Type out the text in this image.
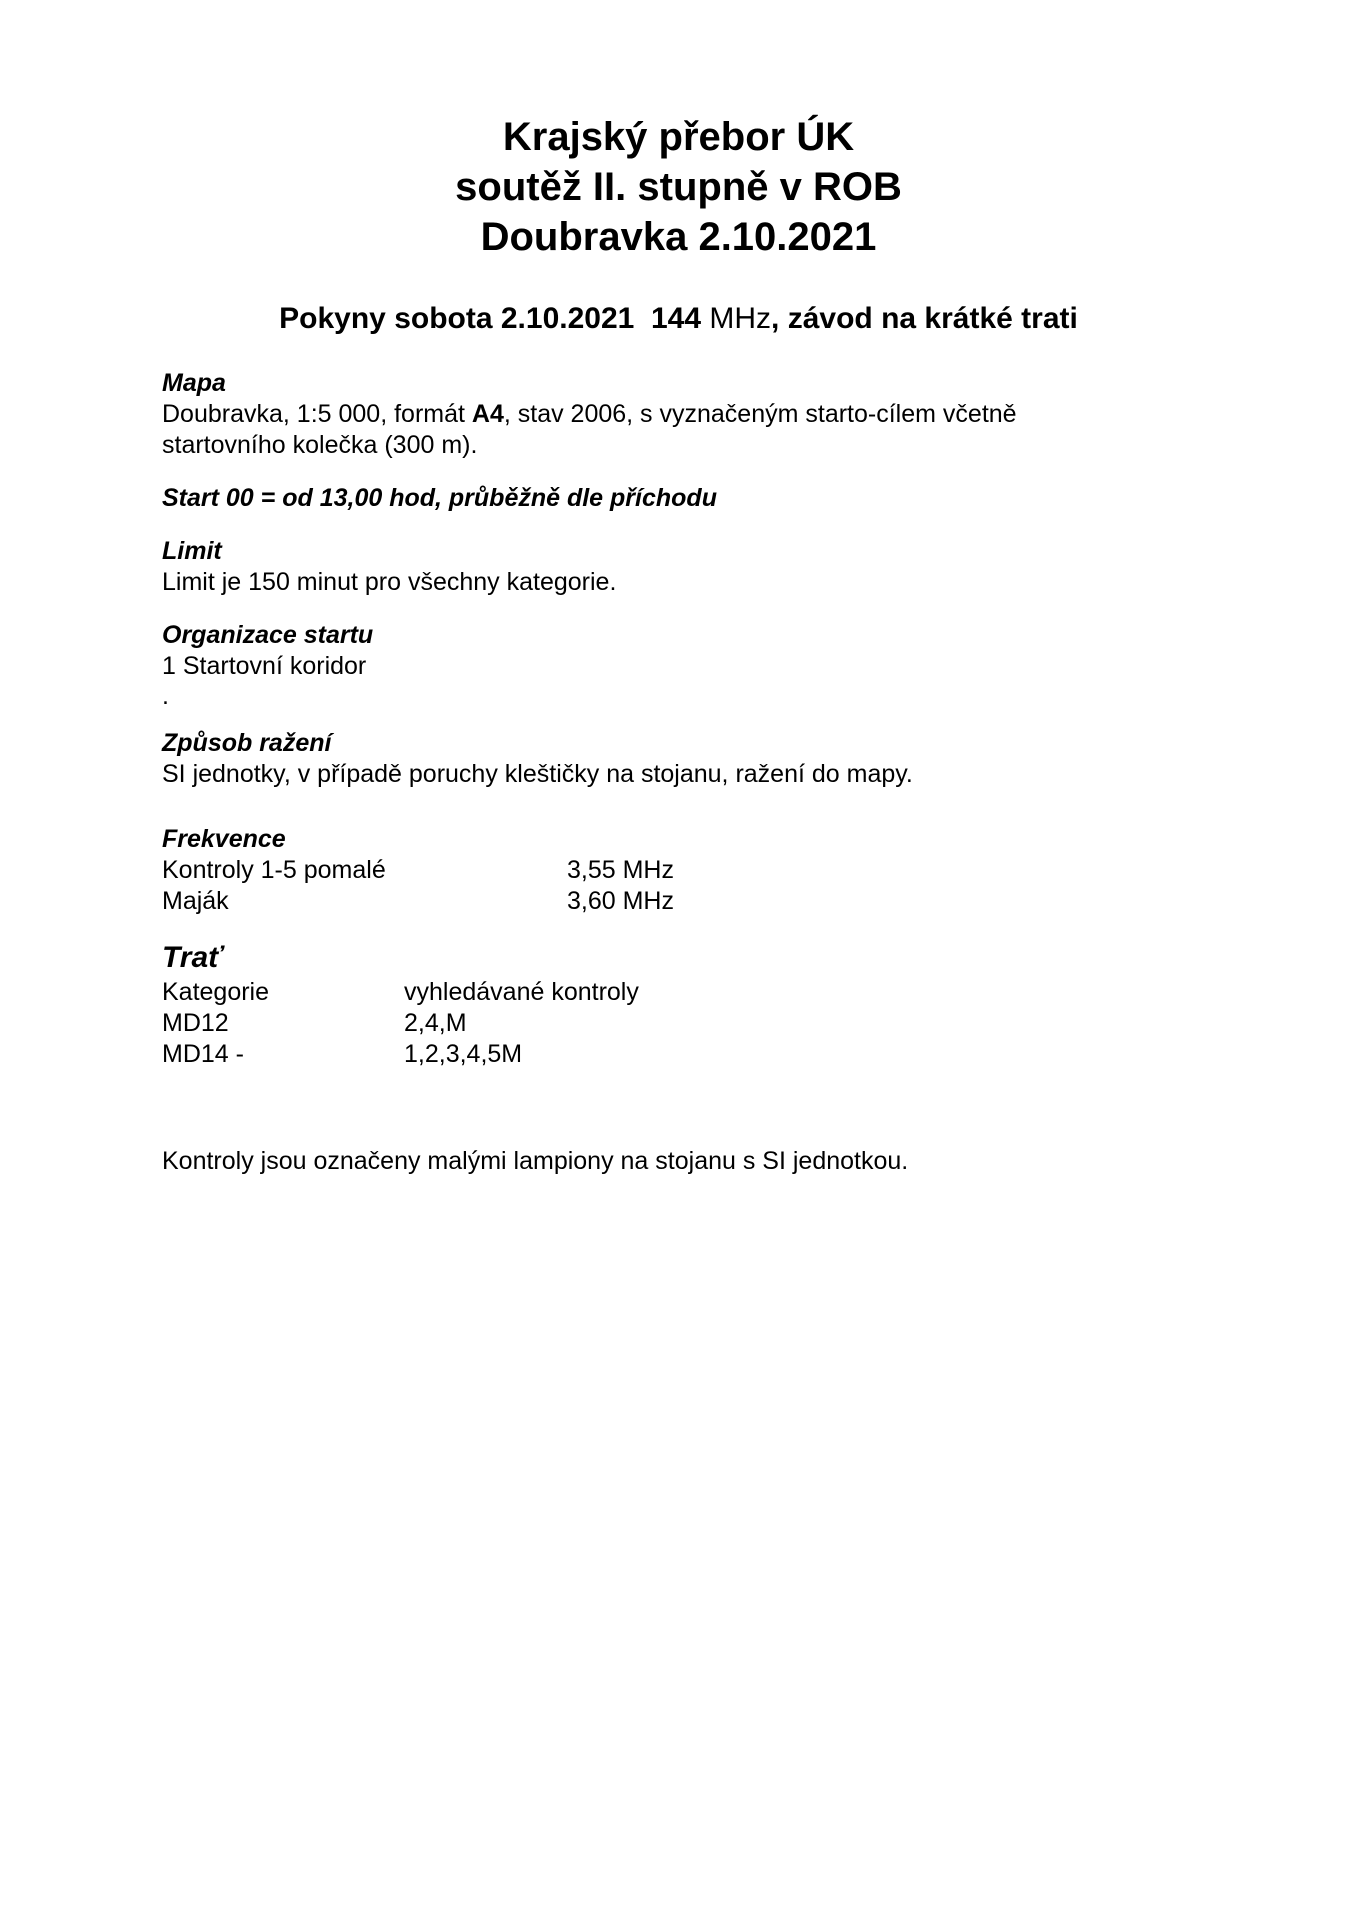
Krajský přebor ÚK
soutěž II. stupně v ROB
Doubravka 2.10.2021
Pokyny sobota 2.10.2021  144 MHz, závod na krátké trati
Mapa

Doubravka, 1:5 000, formát A4, stav 2006, s vyznačeným starto-cílem včetně

startovního kolečka (300 m).

Start 00 = od 13,00 hod, průběžně dle příchodu
Limit

Limit je 150 minut pro všechny kategorie.

Organizace startu

1 Startovní koridor

.

Způsob ražení

SI jednotky, v případě poruchy kleštičky na stojanu, ražení do mapy.

Frekvence
Kontroly 1-5 pomalé	3,55 MHz
Maják	3,60 MHz
Trať
Kategorie	vyhledávané kontroly
MD12	2,4,M
MD14 -	1,2,3,4,5M

Kontroly jsou označeny malými lampiony na stojanu s SI jednotkou.
